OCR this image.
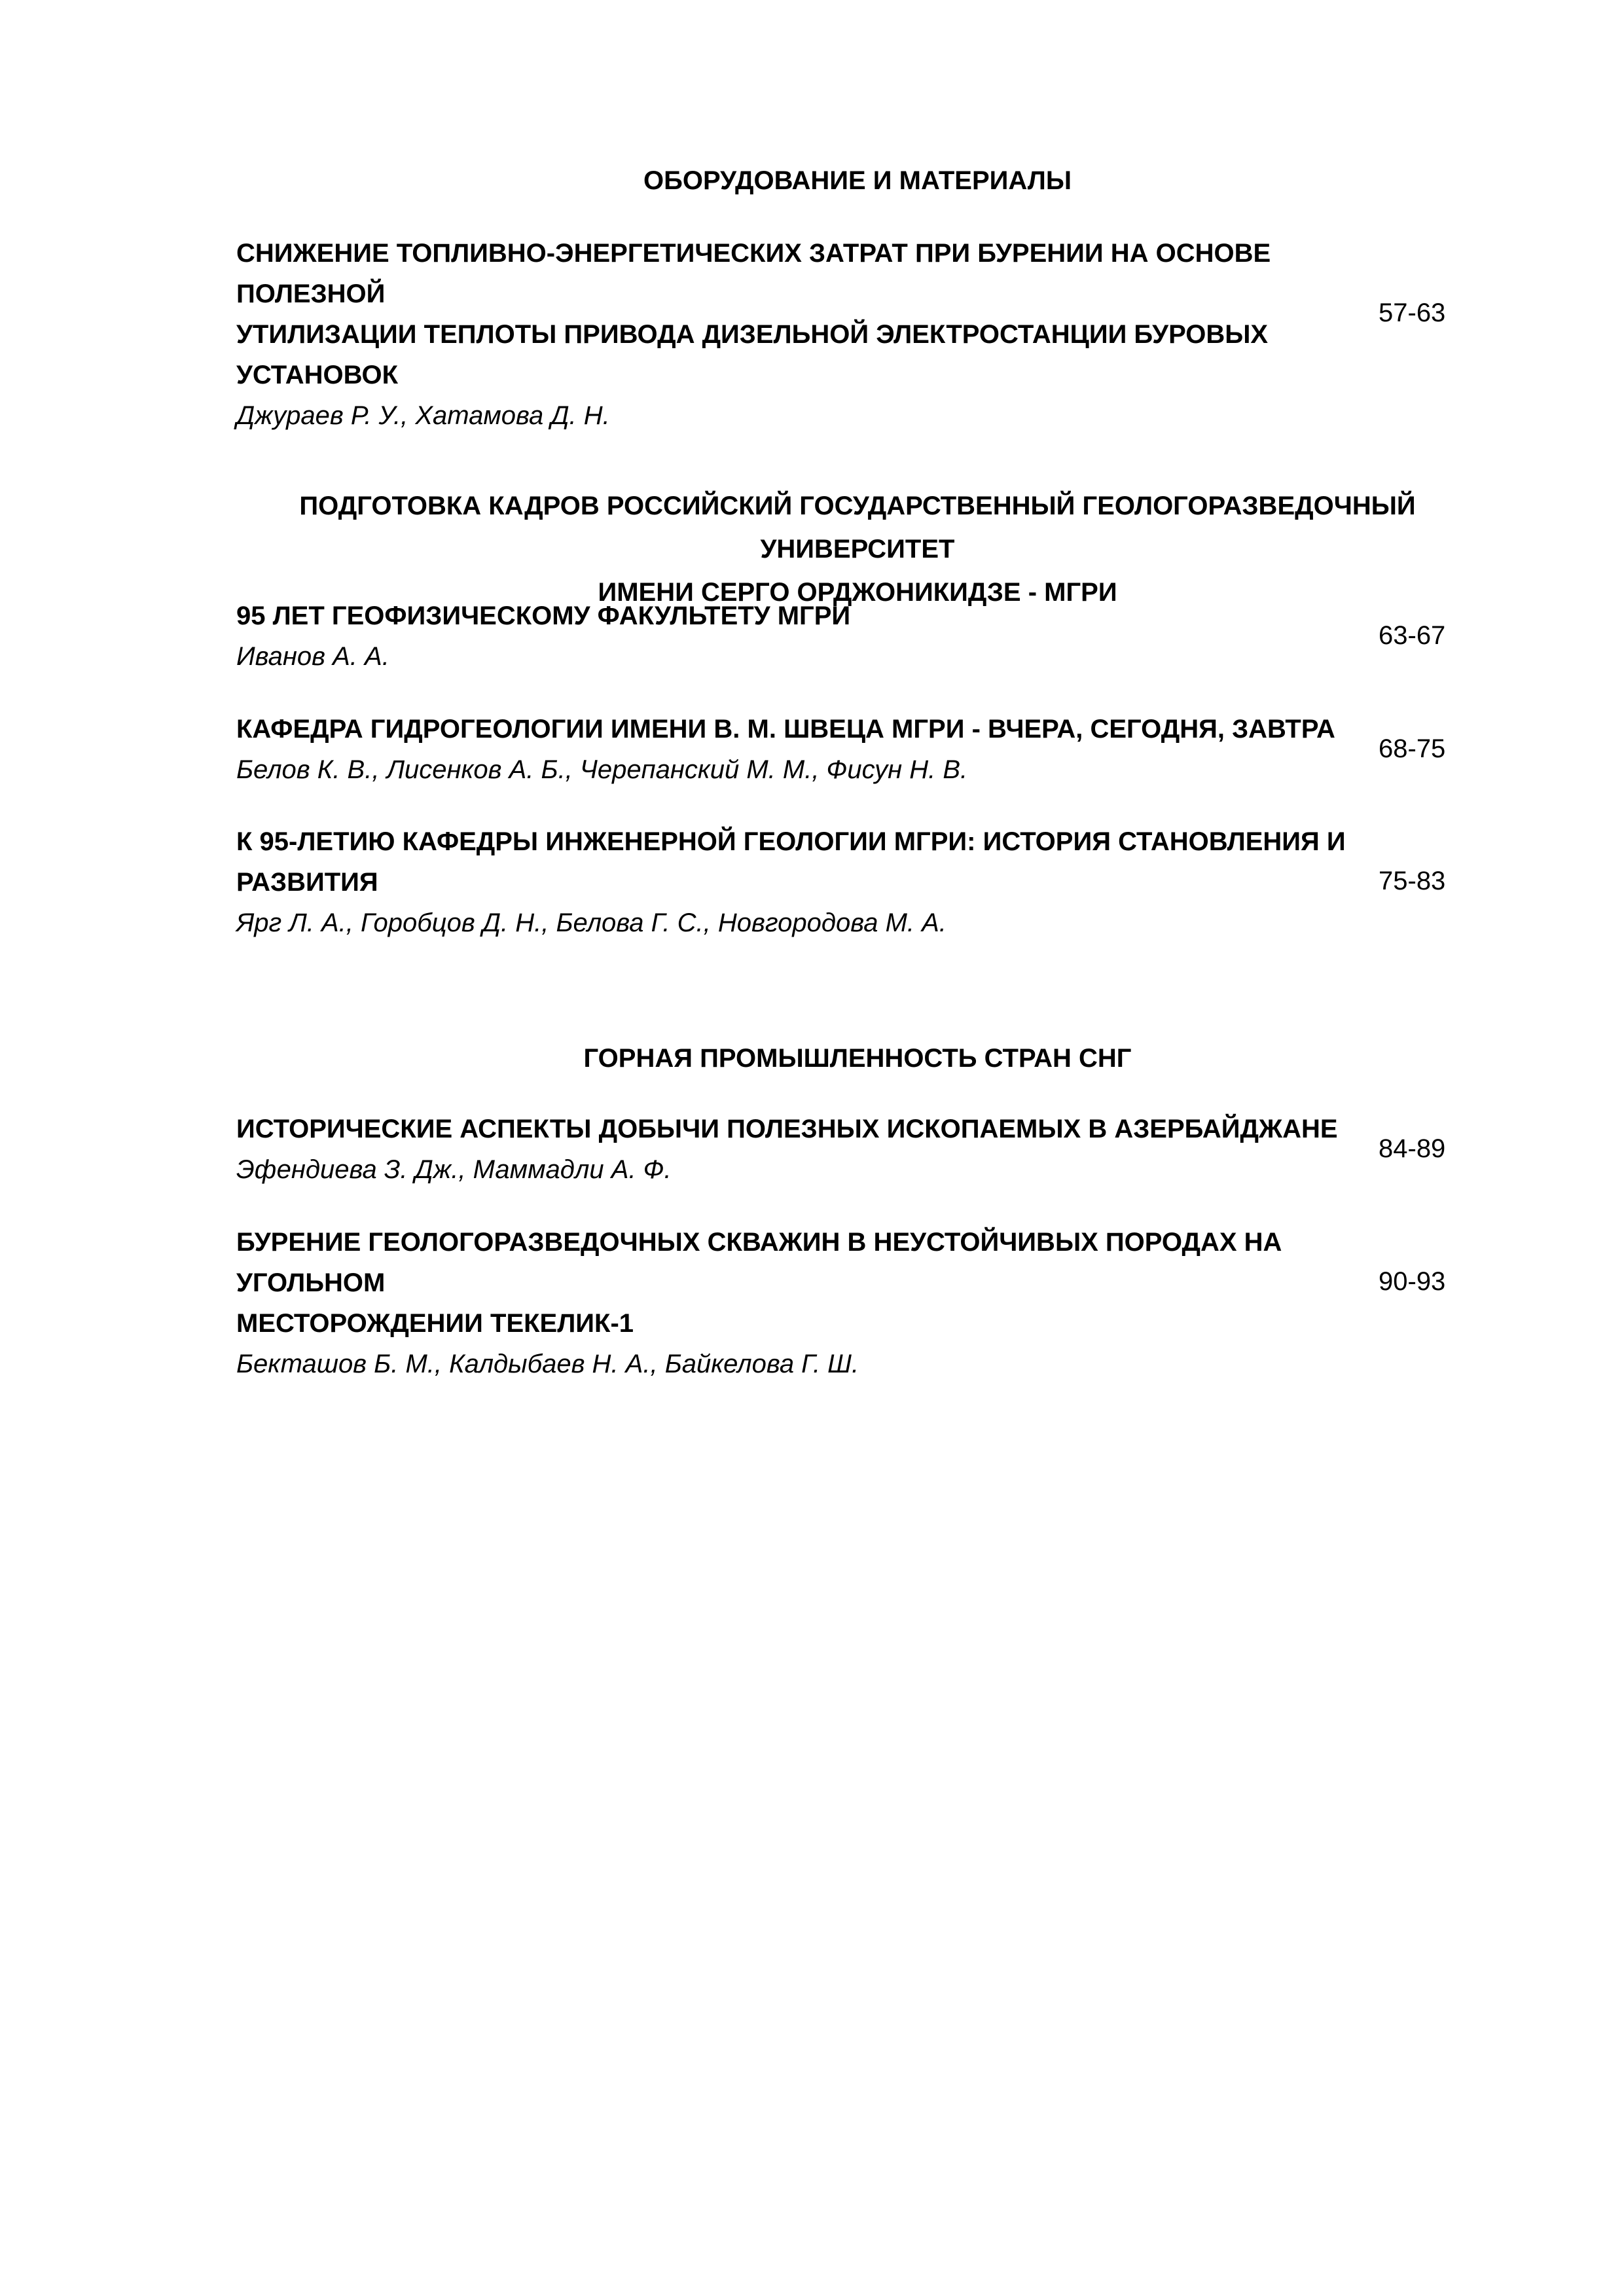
ОБОРУДОВАНИЕ И МАТЕРИАЛЫ
СНИЖЕНИЕ ТОПЛИВНО-ЭНЕРГЕТИЧЕСКИХ ЗАТРАТ ПРИ БУРЕНИИ НА ОСНОВЕ ПОЛЕЗНОЙ
УТИЛИЗАЦИИ ТЕПЛОТЫ ПРИВОДА ДИЗЕЛЬНОЙ ЭЛЕКТРОСТАНЦИИ БУРОВЫХ
УСТАНОВОК
Джураев Р. У., Хатамова Д. Н.
57-63
ПОДГОТОВКА КАДРОВ РОССИЙСКИЙ ГОСУДАРСТВЕННЫЙ ГЕОЛОГОРАЗВЕДОЧНЫЙ УНИВЕРСИТЕТ
ИМЕНИ СЕРГО ОРДЖОНИКИДЗЕ - МГРИ
95 ЛЕТ ГЕОФИЗИЧЕСКОМУ ФАКУЛЬТЕТУ МГРИ
Иванов А. А.
63-67
КАФЕДРА ГИДРОГЕОЛОГИИ ИМЕНИ В. М. ШВЕЦА МГРИ - ВЧЕРА, СЕГОДНЯ, ЗАВТРА
Белов К. В., Лисенков А. Б., Черепанский М. М., Фисун Н. В.
68-75
К 95-ЛЕТИЮ КАФЕДРЫ ИНЖЕНЕРНОЙ ГЕОЛОГИИ МГРИ: ИСТОРИЯ СТАНОВЛЕНИЯ И
РАЗВИТИЯ
Ярг Л. А., Горобцов Д. Н., Белова Г. С., Новгородова М. А.
75-83
ГОРНАЯ ПРОМЫШЛЕННОСТЬ СТРАН СНГ
ИСТОРИЧЕСКИЕ АСПЕКТЫ ДОБЫЧИ ПОЛЕЗНЫХ ИСКОПАЕМЫХ В АЗЕРБАЙДЖАНЕ
Эфендиева З. Дж., Маммадли А. Ф.
84-89
БУРЕНИЕ ГЕОЛОГОРАЗВЕДОЧНЫХ СКВАЖИН В НЕУСТОЙЧИВЫХ ПОРОДАХ НА УГОЛЬНОМ
МЕСТОРОЖДЕНИИ ТЕКЕЛИК-1
Бекташов Б. М., Калдыбаев Н. А., Байкелова Г. Ш.
90-93
